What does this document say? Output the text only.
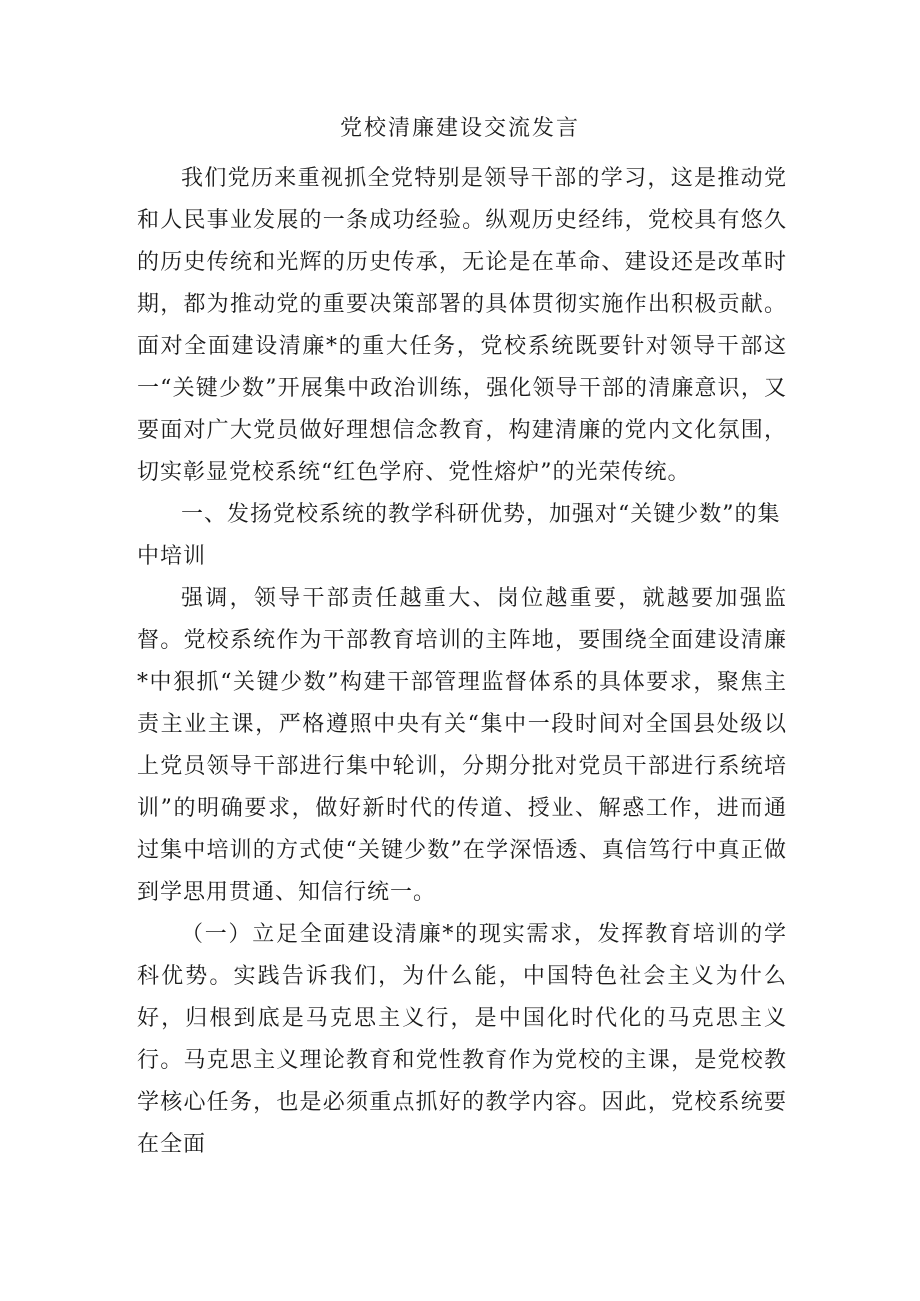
党校清廉建设交流发言

我们党历来重视抓全党特别是领导干部的学习，这是推动党和人民事业发展的一条成功经验。纵观历史经纬，党校具有悠久的历史传统和光辉的历史传承，无论是在革命、建设还是改革时期，都为推动党的重要决策部署的具体贯彻实施作出积极贡献。面对全面建设清廉*的重大任务，党校系统既要针对领导干部这一“关键少数”开展集中政治训练，强化领导干部的清廉意识，又要面对广大党员做好理想信念教育，构建清廉的党内文化氛围，切实彰显党校系统“红色学府、党性熔炉”的光荣传统。

一、发扬党校系统的教学科研优势，加强对“关键少数”的集中培训

强调，领导干部责任越重大、岗位越重要，就越要加强监督。党校系统作为干部教育培训的主阵地，要围绕全面建设清廉*中狠抓“关键少数”构建干部管理监督体系的具体要求，聚焦主责主业主课，严格遵照中央有关“集中一段时间对全国县处级以上党员领导干部进行集中轮训，分期分批对党员干部进行系统培训”的明确要求，做好新时代的传道、授业、解惑工作，进而通过集中培训的方式使“关键少数”在学深悟透、真信笃行中真正做到学思用贯通、知信行统一。

（一）立足全面建设清廉*的现实需求，发挥教育培训的学科优势。实践告诉我们，为什么能，中国特色社会主义为什么好，归根到底是马克思主义行，是中国化时代化的马克思主义行。马克思主义理论教育和党性教育作为党校的主课，是党校教学核心任务，也是必须重点抓好的教学内容。因此，党校系统要在全面
